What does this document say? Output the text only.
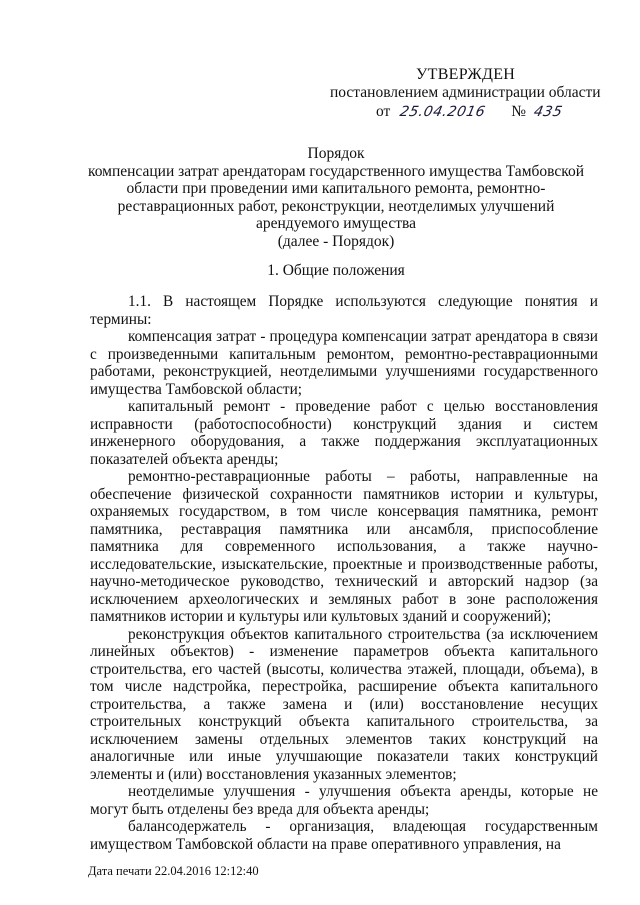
УТВЕРЖДЕН
постановлением администрации области
от 25.04.2016 № 435
Порядок
компенсации затрат арендаторам государственного имущества Тамбовской
области при проведении ими капитального ремонта, ремонтно-
реставрационных работ, реконструкции, неотделимых улучшений
арендуемого имущества
(далее - Порядок)
1. Общие положения

1.1. В настоящем Порядке используются следующие понятия и термины:

компенсация затрат - процедура компенсации затрат арендатора в связи с произведенными капитальным ремонтом, ремонтно-реставрационными работами, реконструкцией, неотделимыми улучшениями государственного имущества Тамбовской области;

капитальный ремонт - проведение работ с целью восстановления исправности (работоспособности) конструкций здания и систем инженерного оборудования, а также поддержания эксплуатационных показателей объекта аренды;

ремонтно-реставрационные работы – работы, направленные на обеспечение физической сохранности памятников истории и культуры, охраняемых государством, в том числе консервация памятника, ремонт памятника, реставрация памятника или ансамбля, приспособление памятника для современного использования, а также научно-исследовательские, изыскательские, проектные и производственные работы, научно-методическое руководство, технический и авторский надзор (за исключением археологических и земляных работ в зоне расположения памятников истории и культуры или культовых зданий и сооружений);

реконструкция объектов капитального строительства (за исключением линейных объектов) - изменение параметров объекта капитального строительства, его частей (высоты, количества этажей, площади, объема), в том числе надстройка, перестройка, расширение объекта капитального строительства, а также замена и (или) восстановление несущих строительных конструкций объекта капитального строительства, за исключением замены отдельных элементов таких конструкций на аналогичные или иные улучшающие показатели таких конструкций элементы и (или) восстановления указанных элементов;

неотделимые улучшения - улучшения объекта аренды, которые не могут быть отделены без вреда для объекта аренды;

балансодержатель - организация, владеющая государственным имуществом Тамбовской области на праве оперативного управления, на

Дата печати 22.04.2016 12:12:40
